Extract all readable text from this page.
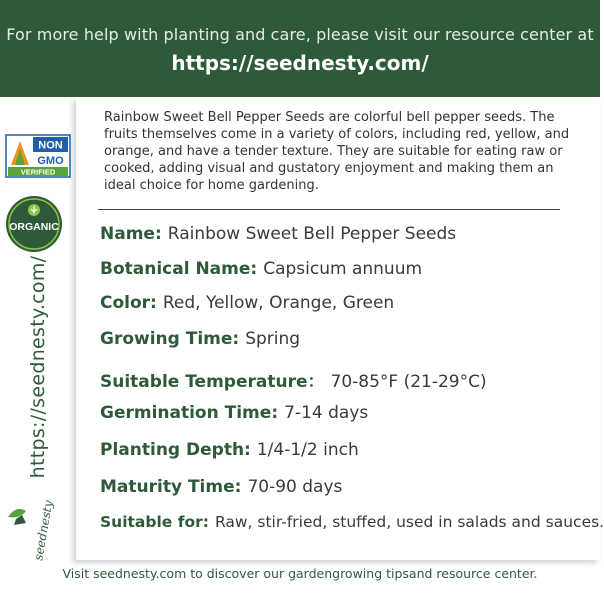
For more help with planting and care, please visit our resource center at
https://seednesty.com/
NON
GMO
VERIFIED
ORGANIC
https://seednesty.com/
seednesty
Rainbow Sweet Bell Pepper Seeds are colorful bell pepper seeds. The fruits themselves come in a variety of colors, including red, yellow, and orange, and have a tender texture. They are suitable for eating raw or cooked, adding visual and gustatory enjoyment and making them an ideal choice for home gardening.
Name: Rainbow Sweet Bell Pepper Seeds
Botanical Name: Capsicum annuum
Color: Red, Yellow, Orange, Green
Growing Time: Spring
Suitable Temperature： 70-85°F (21-29°C)
Germination Time: 7-14 days
Planting Depth: 1/4-1/2 inch
Maturity Time: 70-90 days
Suitable for: Raw, stir-fried, stuffed, used in salads and sauces.
Visit seednesty.com to discover our gardengrowing tipsand resource center.
